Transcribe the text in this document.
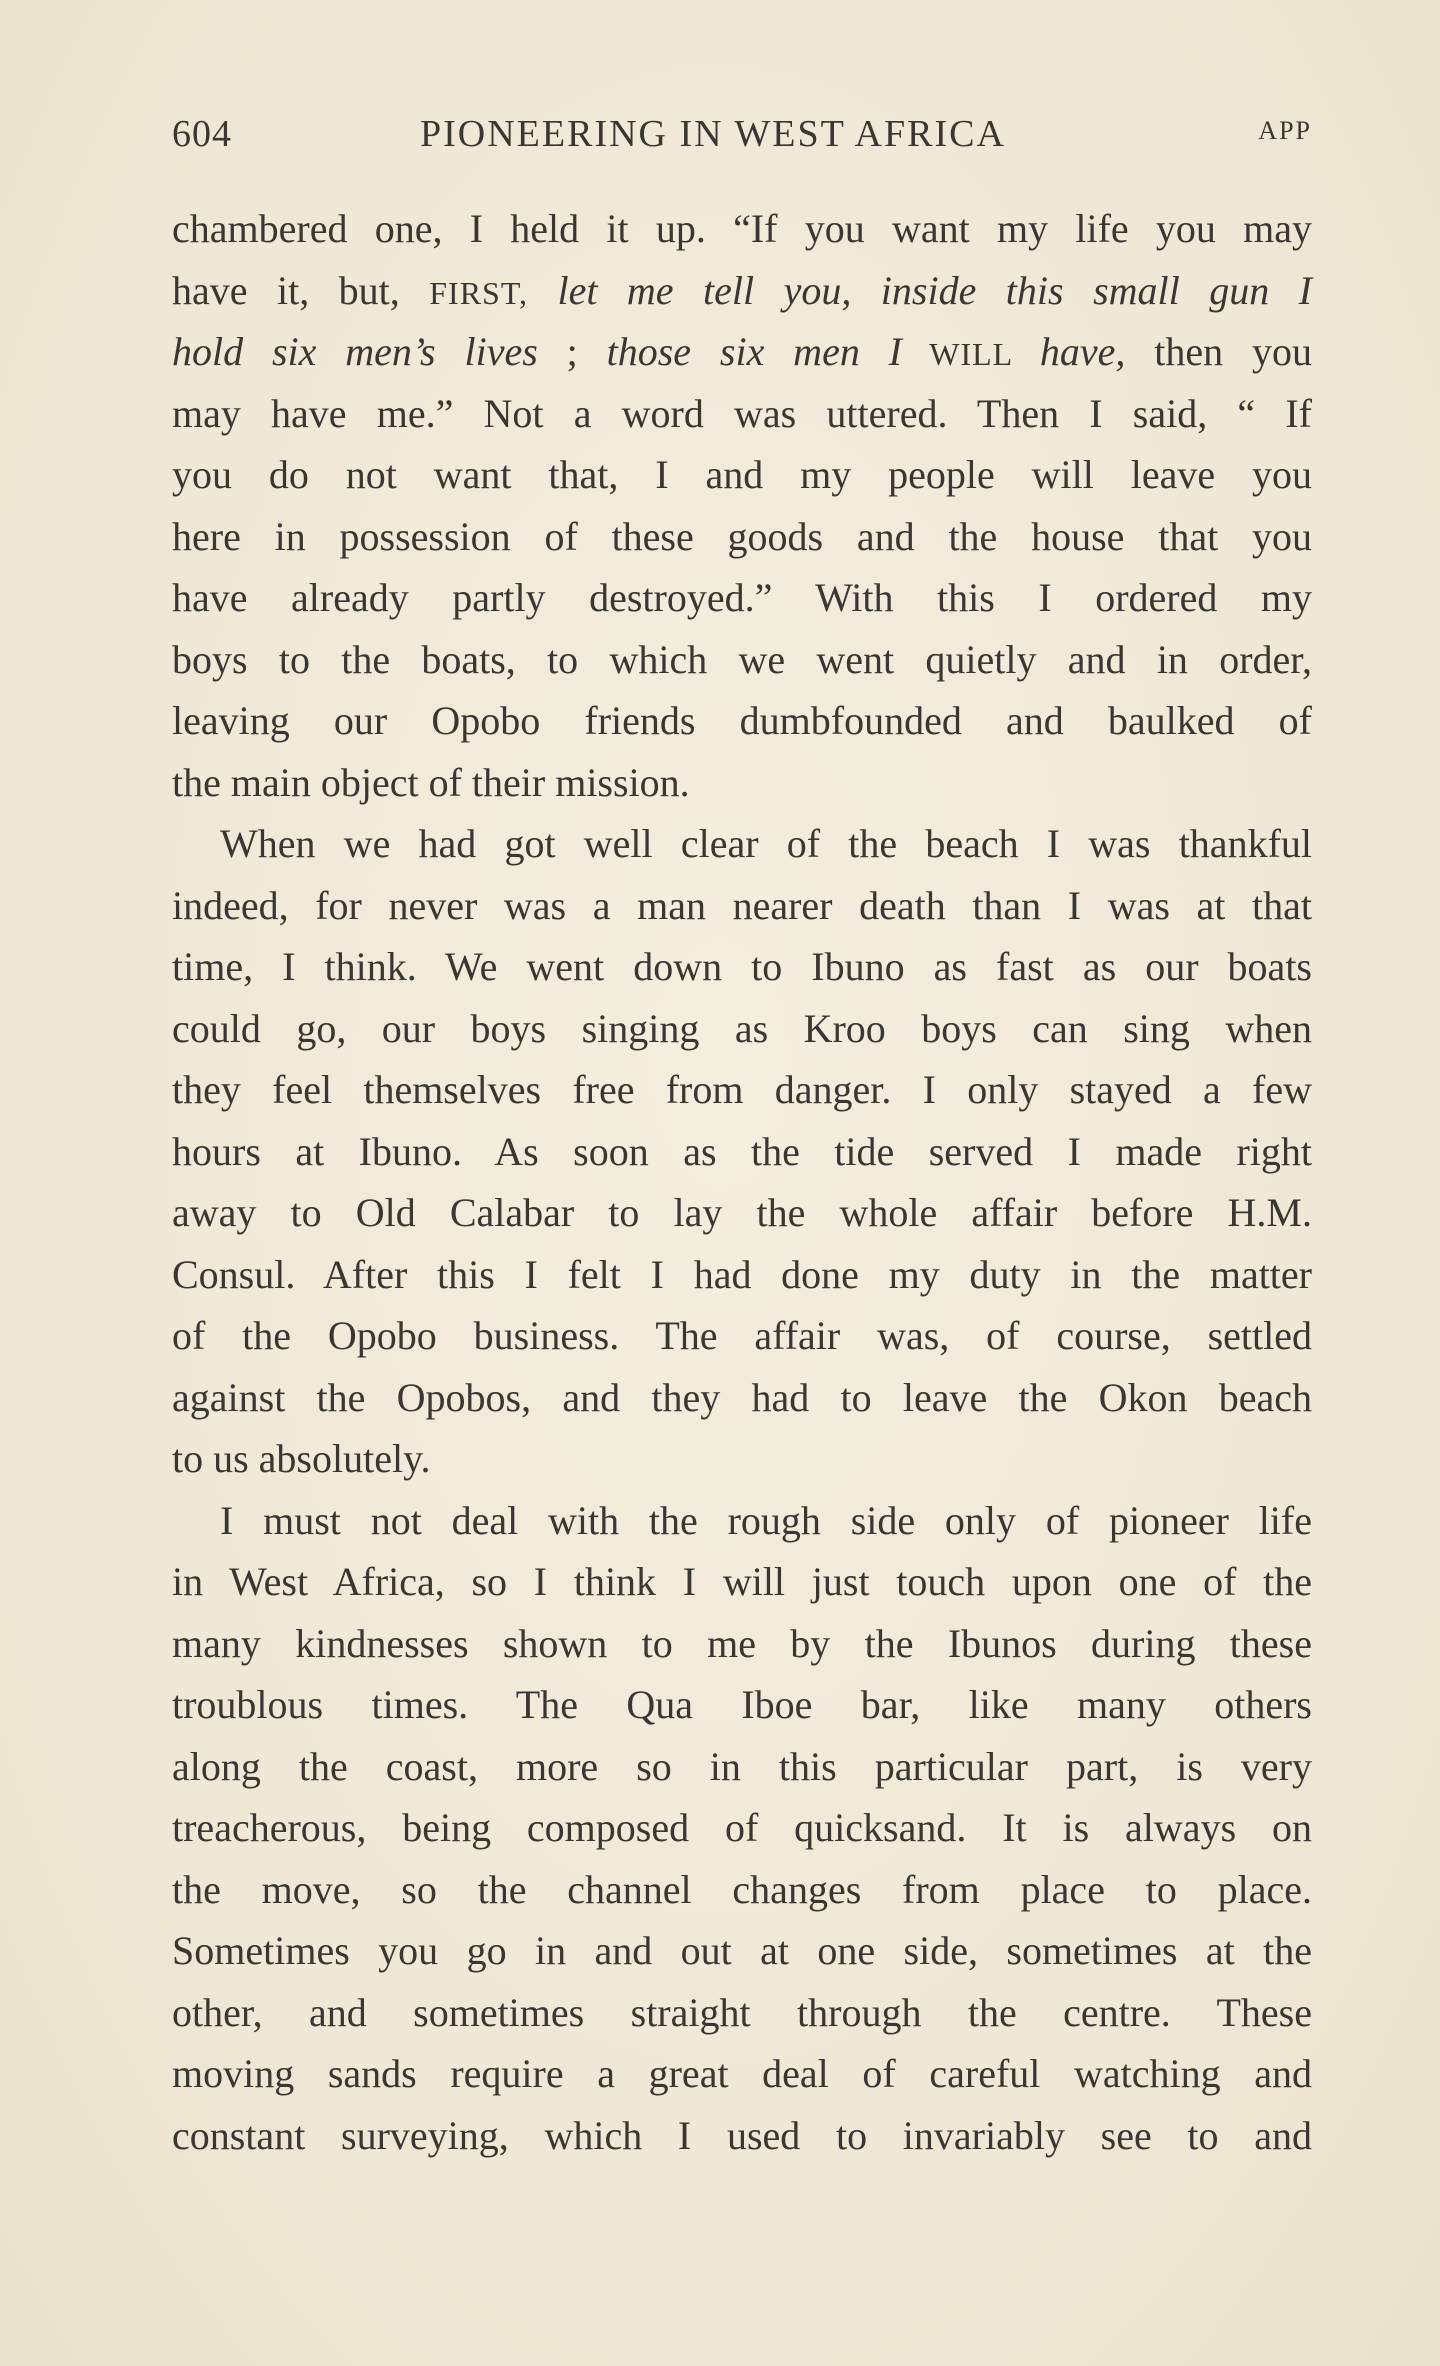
604	PIONEERING IN WEST AFRICA	APP
chambered one, I held it up. “If you want my life you may
have it, but, FIRST, let me tell you, inside this small gun I
hold six men’s lives ; those six men I WILL have, then you
may have me.” Not a word was uttered. Then I said, “ If
you do not want that, I and my people will leave you
here in possession of these goods and the house that you
have already partly destroyed.” With this I ordered my
boys to the boats, to which we went quietly and in order,
leaving our Opobo friends dumbfounded and baulked of
the main object of their mission.
When we had got well clear of the beach I was thankful
indeed, for never was a man nearer death than I was at that
time, I think. We went down to Ibuno as fast as our boats
could go, our boys singing as Kroo boys can sing when
they feel themselves free from danger. I only stayed a few
hours at Ibuno. As soon as the tide served I made right
away to Old Calabar to lay the whole affair before H.M.
Consul. After this I felt I had done my duty in the matter
of the Opobo business. The affair was, of course, settled
against the Opobos, and they had to leave the Okon beach
to us absolutely.
I must not deal with the rough side only of pioneer life
in West Africa, so I think I will just touch upon one of the
many kindnesses shown to me by the Ibunos during these
troublous times. The Qua Iboe bar, like many others
along the coast, more so in this particular part, is very
treacherous, being composed of quicksand. It is always on
the move, so the channel changes from place to place.
Sometimes you go in and out at one side, sometimes at the
other, and sometimes straight through the centre. These
moving sands require a great deal of careful watching and
constant surveying, which I used to invariably see to and
